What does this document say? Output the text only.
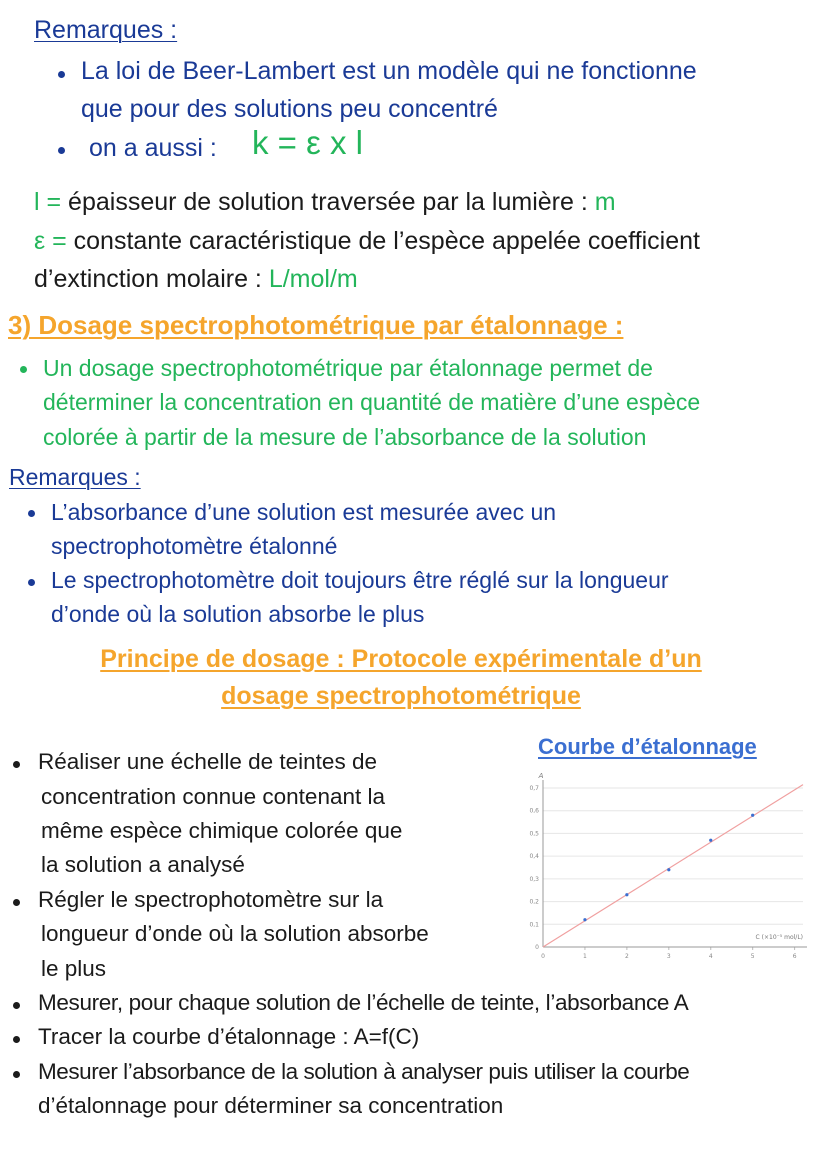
Remarques :
La loi de Beer-Lambert est un modèle qui ne fonctionne
que pour des solutions peu concentré
on a aussi : k = ε x l
l = épaisseur de solution traversée par la lumière : m
ε = constante caractéristique de l’espèce appelée coefficient
d’extinction molaire : L/mol/m
3) Dosage spectrophotométrique par étalonnage :
Un dosage spectrophotométrique par étalonnage permet de
déterminer la concentration en quantité de matière d’une espèce
colorée à partir de la mesure de l’absorbance de la solution
Remarques :
L’absorbance d’une solution est mesurée avec un
spectrophotomètre étalonné
Le spectrophotomètre doit toujours être réglé sur la longueur
d’onde où la solution absorbe le plus
Principe de dosage : Protocole expérimentale d’un
dosage spectrophotométrique
Courbe d’étalonnage
0
0,1
0,2
0,3
0,4
0,5
0,6
0,7
0	1	2	3	4	5	6
A
C (×10⁻⁵ mol/L)
Réaliser une échelle de teintes de
concentration connue contenant la
même espèce chimique colorée que
la solution a analysé
Régler le spectrophotomètre sur la
longueur d’onde où la solution absorbe
le plus
Mesurer, pour chaque solution de l’échelle de teinte, l’absorbance A
Tracer la courbe d’étalonnage : A=f(C)
Mesurer l’absorbance de la solution à analyser puis utiliser la courbe
d’étalonnage pour déterminer sa concentration
